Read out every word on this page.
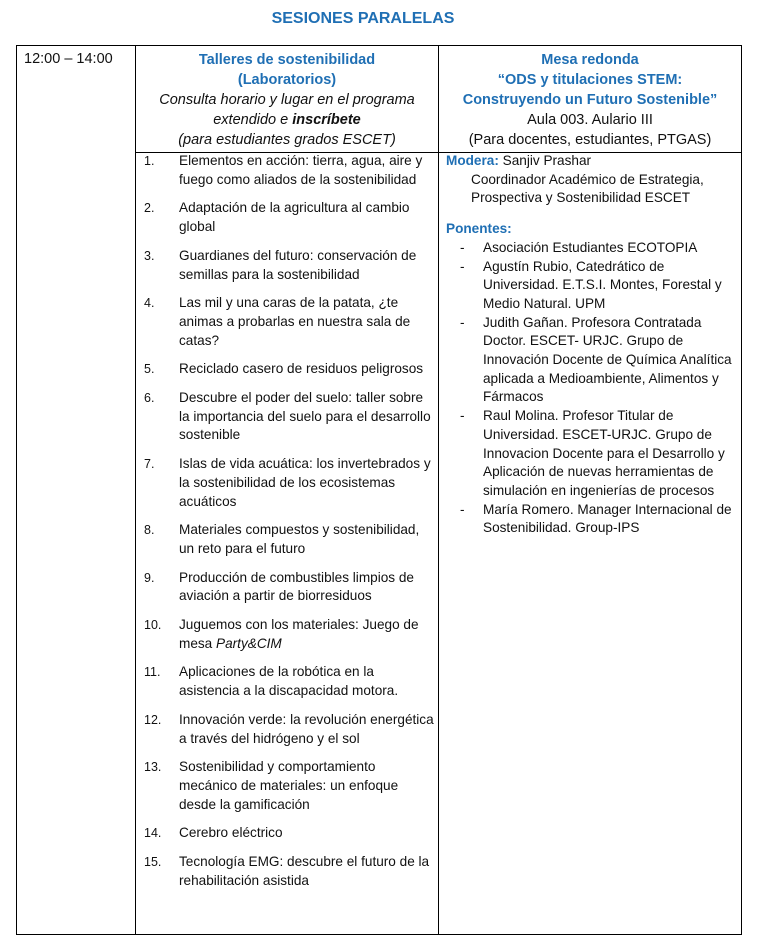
SESIONES PARALELAS
12:00 – 14:00	Talleres de sostenibilidad
(Laboratorios)
Consulta horario y lugar en el programa
extendido e inscríbete
(para estudiantes grados ESCET)
Mesa redonda
“ODS y titulaciones STEM:
Construyendo un Futuro Sostenible”
Aula 003. Aulario III
(Para docentes, estudiantes, PTGAS)
1. Elementos en acción: tierra, agua, aire y fuego como aliados de la sostenibilidad
2. Adaptación de la agricultura al cambio global
3. Guardianes del futuro: conservación de semillas para la sostenibilidad
4. Las mil y una caras de la patata, ¿te animas a probarlas en nuestra sala de catas?
5. Reciclado casero de residuos peligrosos
6. Descubre el poder del suelo: taller sobre la importancia del suelo para el desarrollo sostenible
7. Islas de vida acuática: los invertebrados y la sostenibilidad de los ecosistemas acuáticos
8. Materiales compuestos y sostenibilidad, un reto para el futuro
9. Producción de combustibles limpios de aviación a partir de biorresiduos
10. Juguemos con los materiales: Juego de mesa Party&CIM
11. Aplicaciones de la robótica en la asistencia a la discapacidad motora.
12. Innovación verde: la revolución energética a través del hidrógeno y el sol
13. Sostenibilidad y comportamiento mecánico de materiales: un enfoque desde la gamificación
14. Cerebro eléctrico
15. Tecnología EMG: descubre el futuro de la rehabilitación asistida
Modera: Sanjiv Prashar
Coordinador Académico de Estrategia, Prospectiva y Sostenibilidad ESCET
Ponentes:
- Asociación Estudiantes ECOTOPIA
- Agustín Rubio, Catedrático de Universidad. E.T.S.I. Montes, Forestal y Medio Natural. UPM
- Judith Gañan. Profesora Contratada Doctor. ESCET- URJC. Grupo de Innovación Docente de Química Analítica aplicada a Medioambiente, Alimentos y Fármacos
- Raul Molina. Profesor Titular de Universidad. ESCET-URJC. Grupo de Innovacion Docente para el Desarrollo y Aplicación de nuevas herramientas de simulación en ingenierías de procesos
- María Romero. Manager Internacional de Sostenibilidad. Group-IPS
